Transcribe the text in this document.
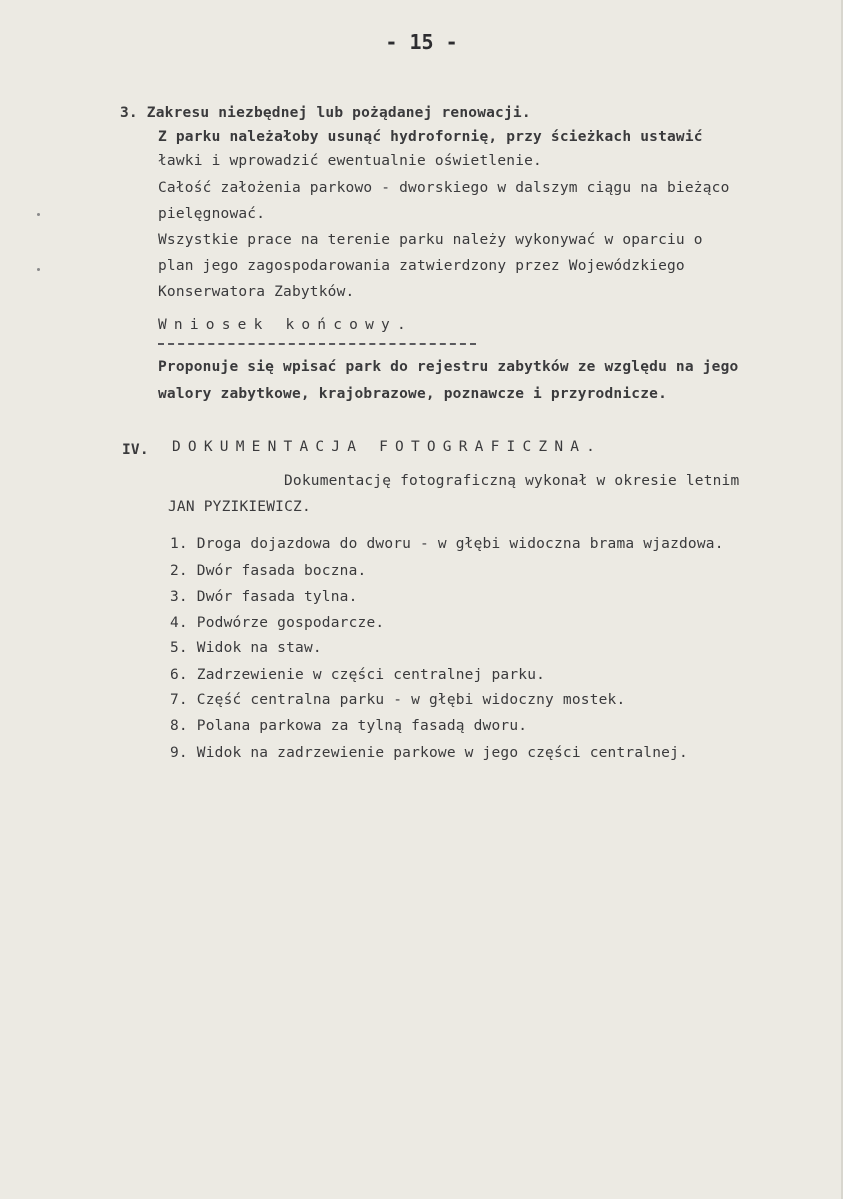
- 15 -
3. Zakresu niezbędnej lub pożądanej renowacji.
Z parku należałoby usunąć hydrofornię, przy ścieżkach ustawić
ławki i wprowadzić ewentualnie oświetlenie.
Całość założenia parkowo - dworskiego w dalszym ciągu na bieżąco
pielęgnować.
Wszystkie prace na terenie parku należy wykonywać w oparciu o
plan jego zagospodarowania zatwierdzony przez Wojewódzkiego
Konserwatora Zabytków.
Wniosek końcowy.
Proponuje się wpisać park do rejestru zabytków ze względu na jego
walory zabytkowe, krajobrazowe, poznawcze i przyrodnicze.
IV. DOKUMENTACJA FOTOGRAFICZNA.
Dokumentację fotograficzną wykonał w okresie letnim
JAN PYZIKIEWICZ.
1. Droga dojazdowa do dworu - w głębi widoczna brama wjazdowa.
2. Dwór fasada boczna.
3. Dwór fasada tylna.
4. Podwórze gospodarcze.
5. Widok na staw.
6. Zadrzewienie w części centralnej parku.
7. Część centralna parku - w głębi widoczny mostek.
8. Polana parkowa za tylną fasadą dworu.
9. Widok na zadrzewienie parkowe w jego części centralnej.
